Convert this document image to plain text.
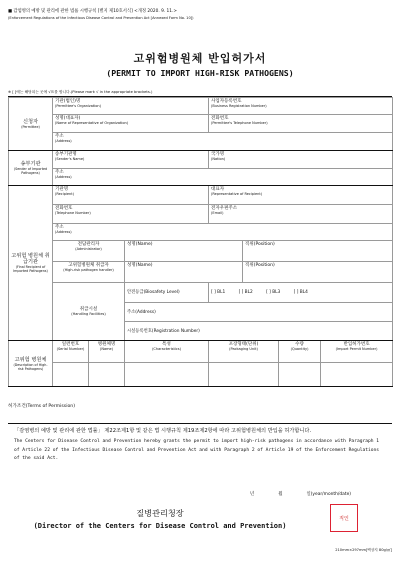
■ 감염병의 예방 및 관리에 관한 법률 시행규칙 [별지 제10호서식] <개정 2020. 9. 11.>
(Enforcement Regulations of the Infectious Disease Control and Prevention Act [Annexed Form No. 10])
고위험병원체 반입허가서
(PERMIT TO IMPORT HIGH-RISK PATHOGENS)
※ [ ]에는 해당되는 곳에 √표를 합니다.(Please mark √ in the appropriate brackets.)
신청자
(Permittee)	기관(법인)명
(Permittee's Organization)			사업자등록번호
(Business Registration Number)			

	성명(대표자)
(Name of Representative of Organization)			전화번호
(Permittee's Telephone Number)			

	주소
(Address)						

송부기관
(Sender of Imported Pathogens)	송부기관명
(Sender's Name)			국가명
(Nation)			

	주소
(Address)						

고위험 병원체 취급기관
(Final Recipient of Imported Pathogens)	기관명
(Recipient)			대표자
(Representative of Recipient)			

	전화번호
(Telephone Number)			전자우편주소
(Email)			

	주소
(Address)						

	전담관리자
(Administrator)		성명(Name)		직위(Position)		

	고위험병원체 취급자
(High-risk pathogen handler)		성명(Name)		직위(Position)		

	취급시설
(Handling Facilities)		안전등급(Biosafety Level)	[ ] BL1 [ ] BL2 [ ] BL3 [ ] BL4			
			주소(Address)				
			시설등록번호(Registration Number)				
고위험 병원체
(Description of High-risk Pathogens)	일련번호
(Serial Number)	병원체명
(Name)	특성
(Characteristics)	포장형태(단위)
(Packaging Unit)		수량
(Quantity)	반입허가번호
(Import Permit Number)

허가조건(Terms of Permission)
「감염병의 예방 및 관리에 관한 법률」 제22조제1항 및 같은 법 시행규칙 제19조제2항에 따라 고위험병원체의 반입을 허가합니다.
The Centers for Disease Control and Prevention hereby grants the permit to import high-risk pathogens in accordance with Paragraph 1 of Article 22 of the Infectious Disease Control and Prevention Act and with Paragraph 2 of Article 19 of the Enforcement Regulations of the said Act.
년	월	일(year/month/date)
질병관리청장
(Director of the Centers for Disease Control and Prevention)
직인
210mm×297mm[백상지 80g/㎡]
